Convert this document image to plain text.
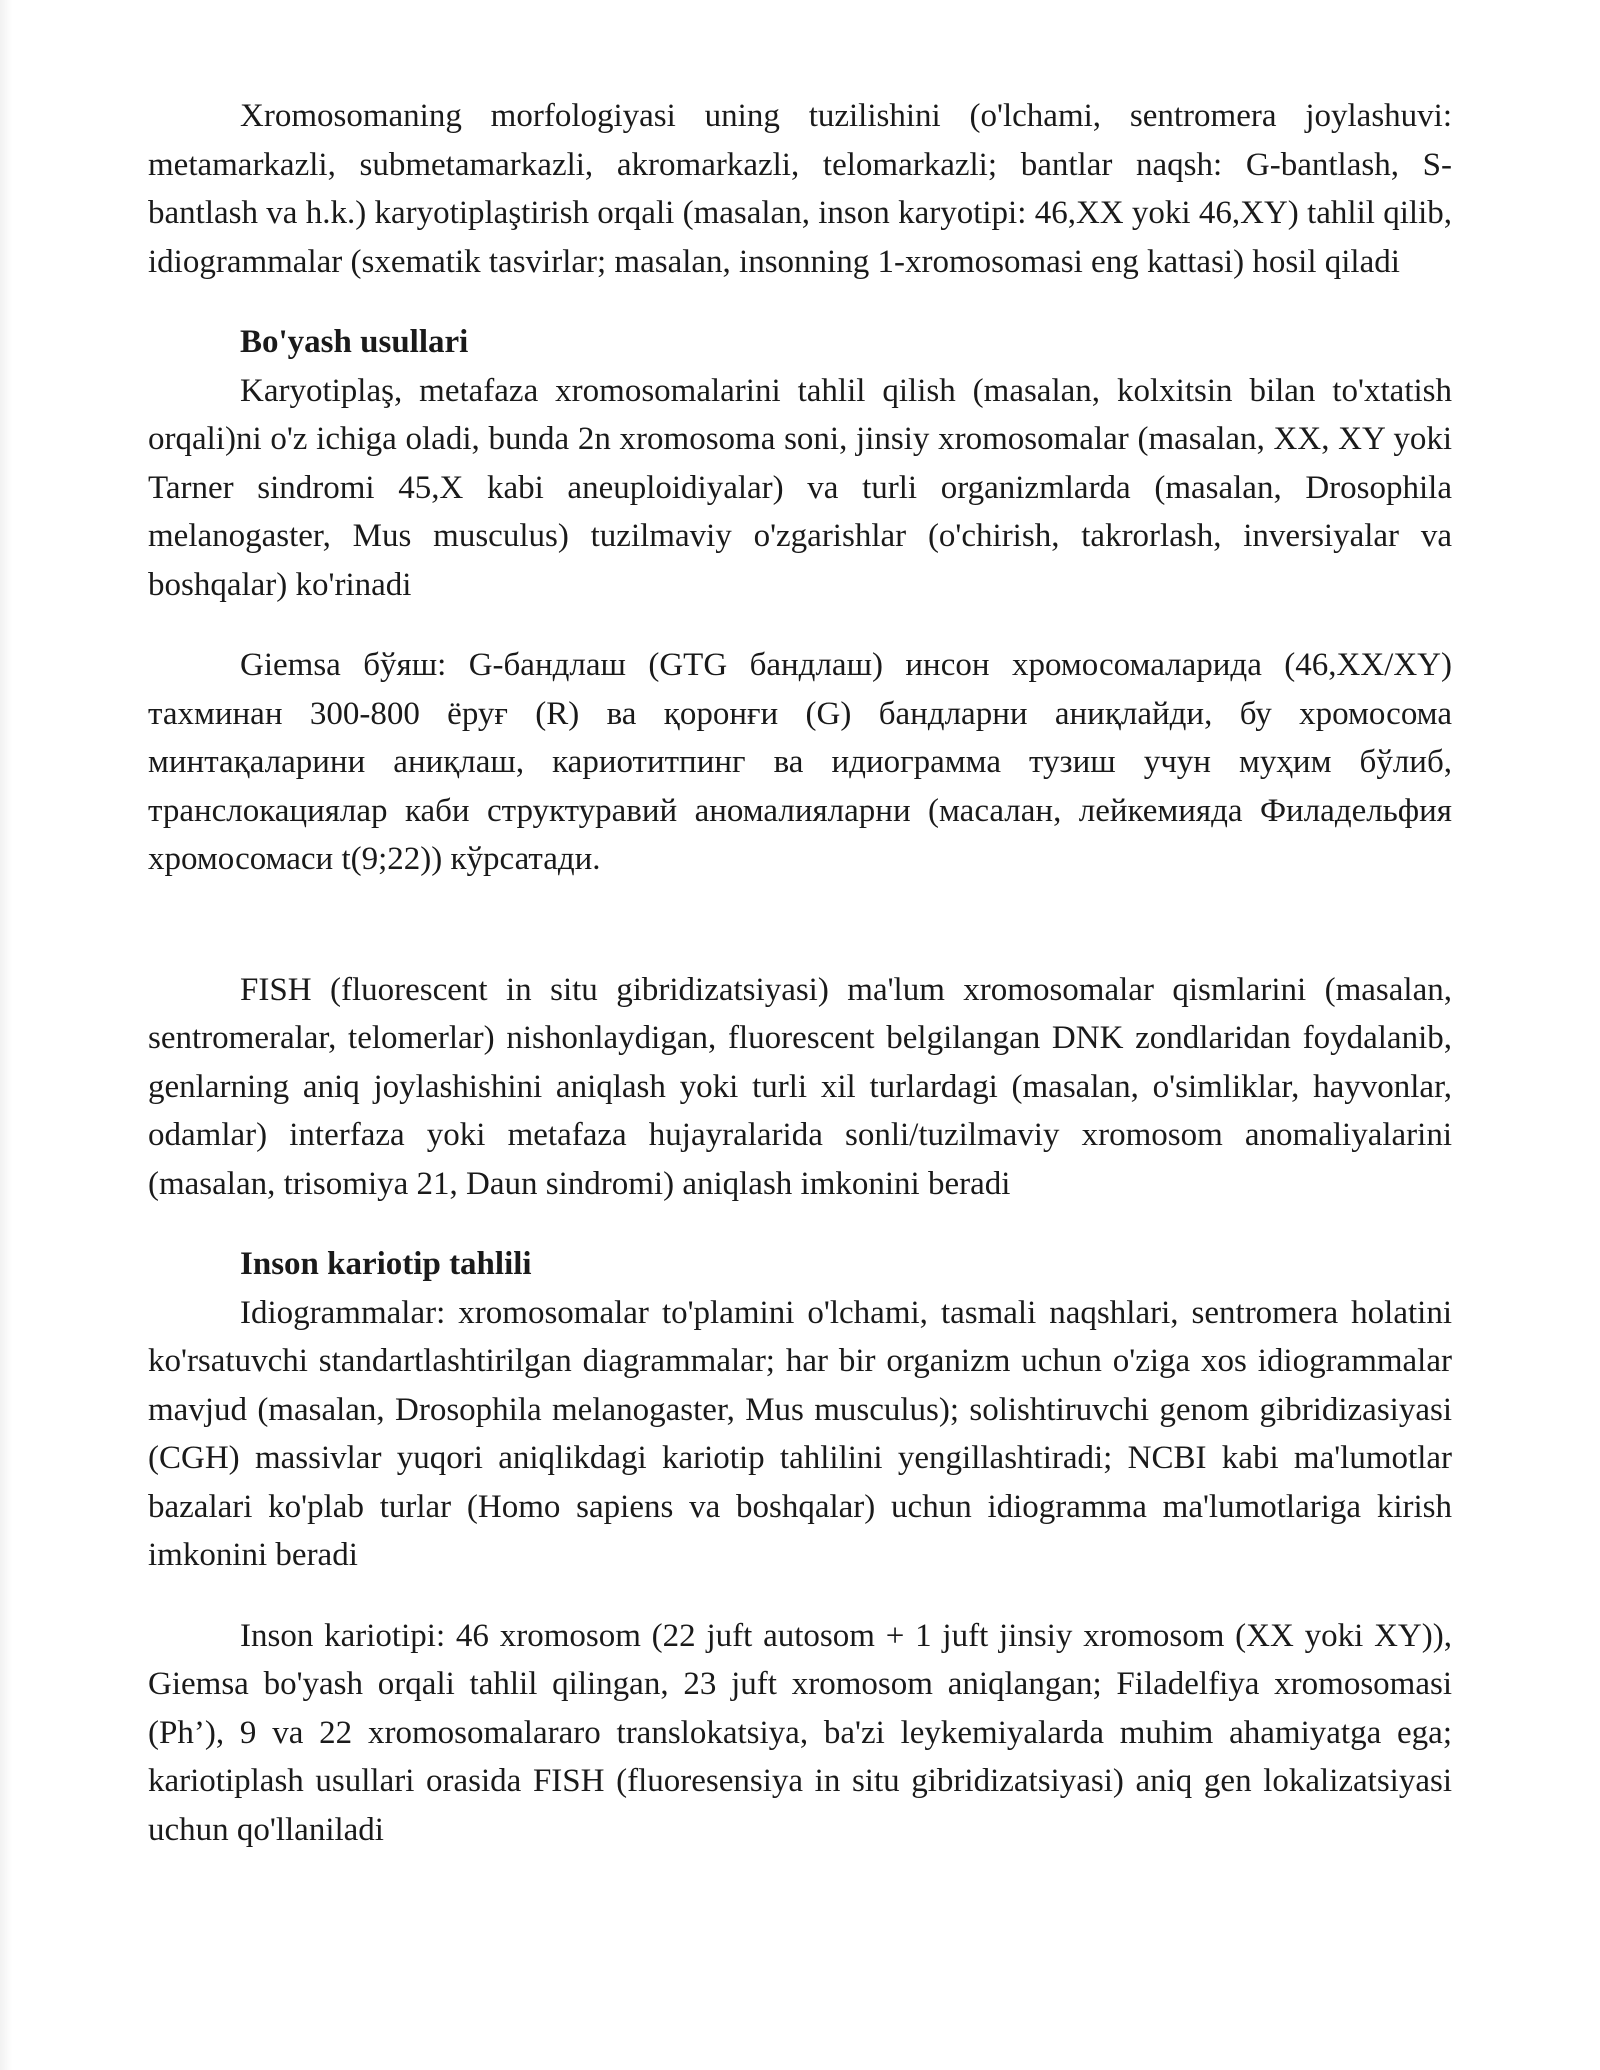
Xromosomaning morfologiyasi uning tuzilishini (o'lchami, sentromera joylashuvi: metamarkazli, submetamarkazli, akromarkazli, telomarkazli; bantlar naqsh: G-bantlash, S-bantlash va h.k.) karyotiplaştirish orqali (masalan, inson karyotipi: 46,XX yoki 46,XY) tahlil qilib, idiogrammalar (sxematik tasvirlar; masalan, insonning 1-xromosomasi eng kattasi) hosil qiladi

Bo'yash usullari

Karyotiplaş, metafaza xromosomalarini tahlil qilish (masalan, kolxitsin bilan to'xtatish orqali)ni o'z ichiga oladi, bunda 2n xromosoma soni, jinsiy xromosomalar (masalan, XX, XY yoki Tarner sindromi 45,X kabi aneuploidiyalar) va turli organizmlarda (masalan, Drosophila melanogaster, Mus musculus) tuzilmaviy o'zgarishlar (o'chirish, takrorlash, inversiyalar va boshqalar) ko'rinadi

Giemsa бўяш: G-бандлаш (GTG бандлаш) инсон хромосомаларида (46,XX/XY) тахминан 300-800 ёруғ (R) ва қоронғи (G) бандларни аниқлайди, бу хромосома минтақаларини аниқлаш, кариотитпинг ва идиограмма тузиш учун муҳим бўлиб, транслокациялар каби структуравий аномалияларни (масалан, лейкемияда Филадельфия хромосомаси t(9;22)) кўрсатади.

FISH (fluorescent in situ gibridizatsiyasi) ma'lum xromosomalar qismlarini (masalan, sentromeralar, telomerlar) nishonlaydigan, fluorescent belgilangan DNK zondlaridan foydalanib, genlarning aniq joylashishini aniqlash yoki turli xil turlardagi (masalan, o'simliklar, hayvonlar, odamlar) interfaza yoki metafaza hujayralarida sonli/tuzilmaviy xromosom anomaliyalarini (masalan, trisomiya 21, Daun sindromi) aniqlash imkonini beradi

Inson kariotip tahlili

Idiogrammalar: xromosomalar to'plamini o'lchami, tasmali naqshlari, sentromera holatini ko'rsatuvchi standartlashtirilgan diagrammalar; har bir organizm uchun o'ziga xos idiogrammalar mavjud (masalan, Drosophila melanogaster, Mus musculus); solishtiruvchi genom gibridizasiyasi (CGH) massivlar yuqori aniqlikdagi kariotip tahlilini yengillashtiradi; NCBI kabi ma'lumotlar bazalari ko'plab turlar (Homo sapiens va boshqalar) uchun idiogramma ma'lumotlariga kirish imkonini beradi

Inson kariotipi: 46 xromosom (22 juft autosom + 1 juft jinsiy xromosom (XX yoki XY)), Giemsa bo'yash orqali tahlil qilingan, 23 juft xromosom aniqlangan; Filadelfiya xromosomasi (Ph’), 9 va 22 xromosomalararo translokatsiya, ba'zi leykemiyalarda muhim ahamiyatga ega; kariotiplash usullari orasida FISH (fluoresensiya in situ gibridizatsiyasi) aniq gen lokalizatsiyasi uchun qo'llaniladi
